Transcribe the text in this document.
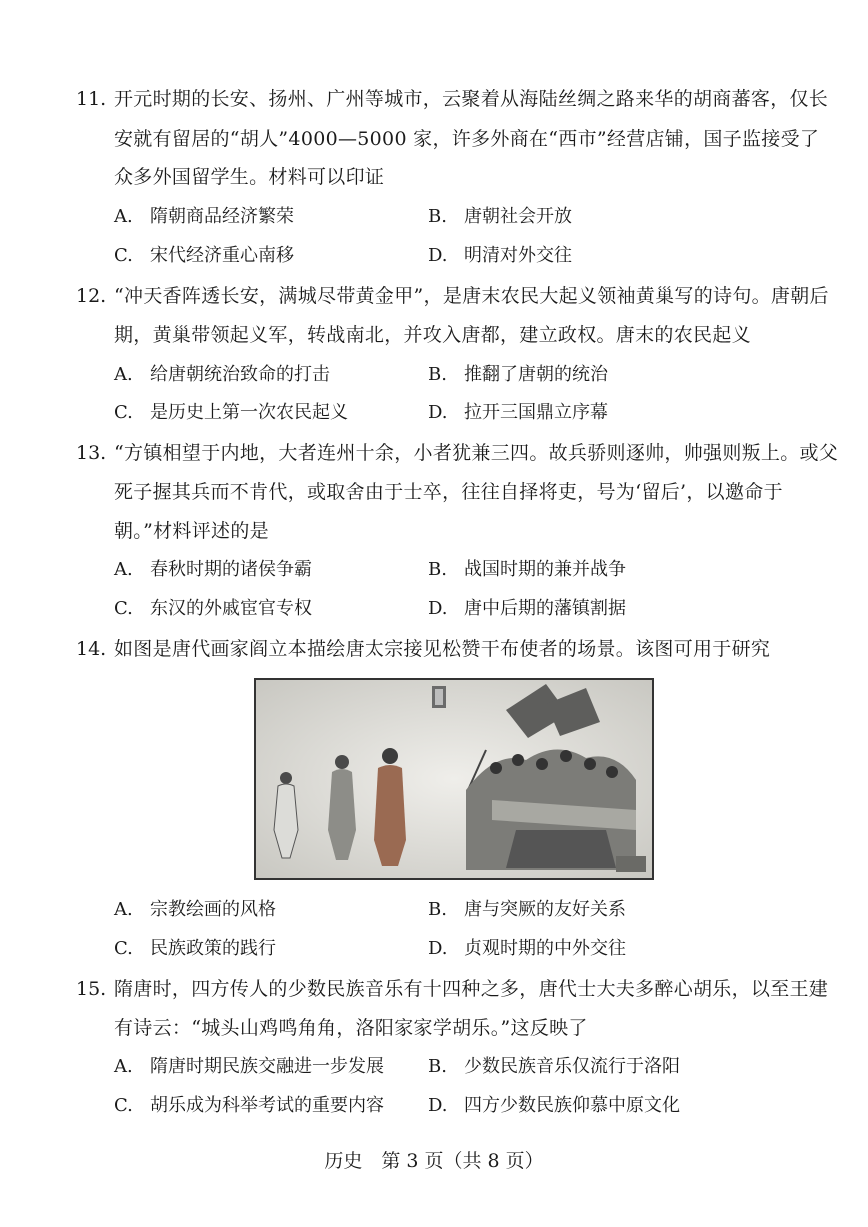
11. 开元时期的长安、扬州、广州等城市，云聚着从海陆丝绸之路来华的胡商蕃客，仅长
安就有留居的“胡人”4000—5000 家，许多外商在“西市”经营店铺，国子监接受了
众多外国留学生。材料可以印证
A. 隋朝商品经济繁荣	B. 唐朝社会开放
C. 宋代经济重心南移	D. 明清对外交往
12. “冲天香阵透长安，满城尽带黄金甲”，是唐末农民大起义领袖黄巢写的诗句。唐朝后
期，黄巢带领起义军，转战南北，并攻入唐都，建立政权。唐末的农民起义
A. 给唐朝统治致命的打击	B. 推翻了唐朝的统治
C. 是历史上第一次农民起义	D. 拉开三国鼎立序幕
13. “方镇相望于内地，大者连州十余，小者犹兼三四。故兵骄则逐帅，帅强则叛上。或父
死子握其兵而不肯代，或取舍由于士卒，往往自择将吏，号为‘留后’，以邀命于
朝。”材料评述的是
A. 春秋时期的诸侯争霸	B. 战国时期的兼并战争
C. 东汉的外戚宦官专权	D. 唐中后期的藩镇割据
14. 如图是唐代画家阎立本描绘唐太宗接见松赞干布使者的场景。该图可用于研究
A. 宗教绘画的风格	B. 唐与突厥的友好关系
C. 民族政策的践行	D. 贞观时期的中外交往
15. 隋唐时，四方传人的少数民族音乐有十四种之多，唐代士大夫多醉心胡乐，以至王建
有诗云：“城头山鸡鸣角角，洛阳家家学胡乐。”这反映了
A. 隋唐时期民族交融进一步发展 B. 少数民族音乐仅流行于洛阳
C. 胡乐成为科举考试的重要内容 D. 四方少数民族仰慕中原文化
历史　第 3 页（共 8 页）
